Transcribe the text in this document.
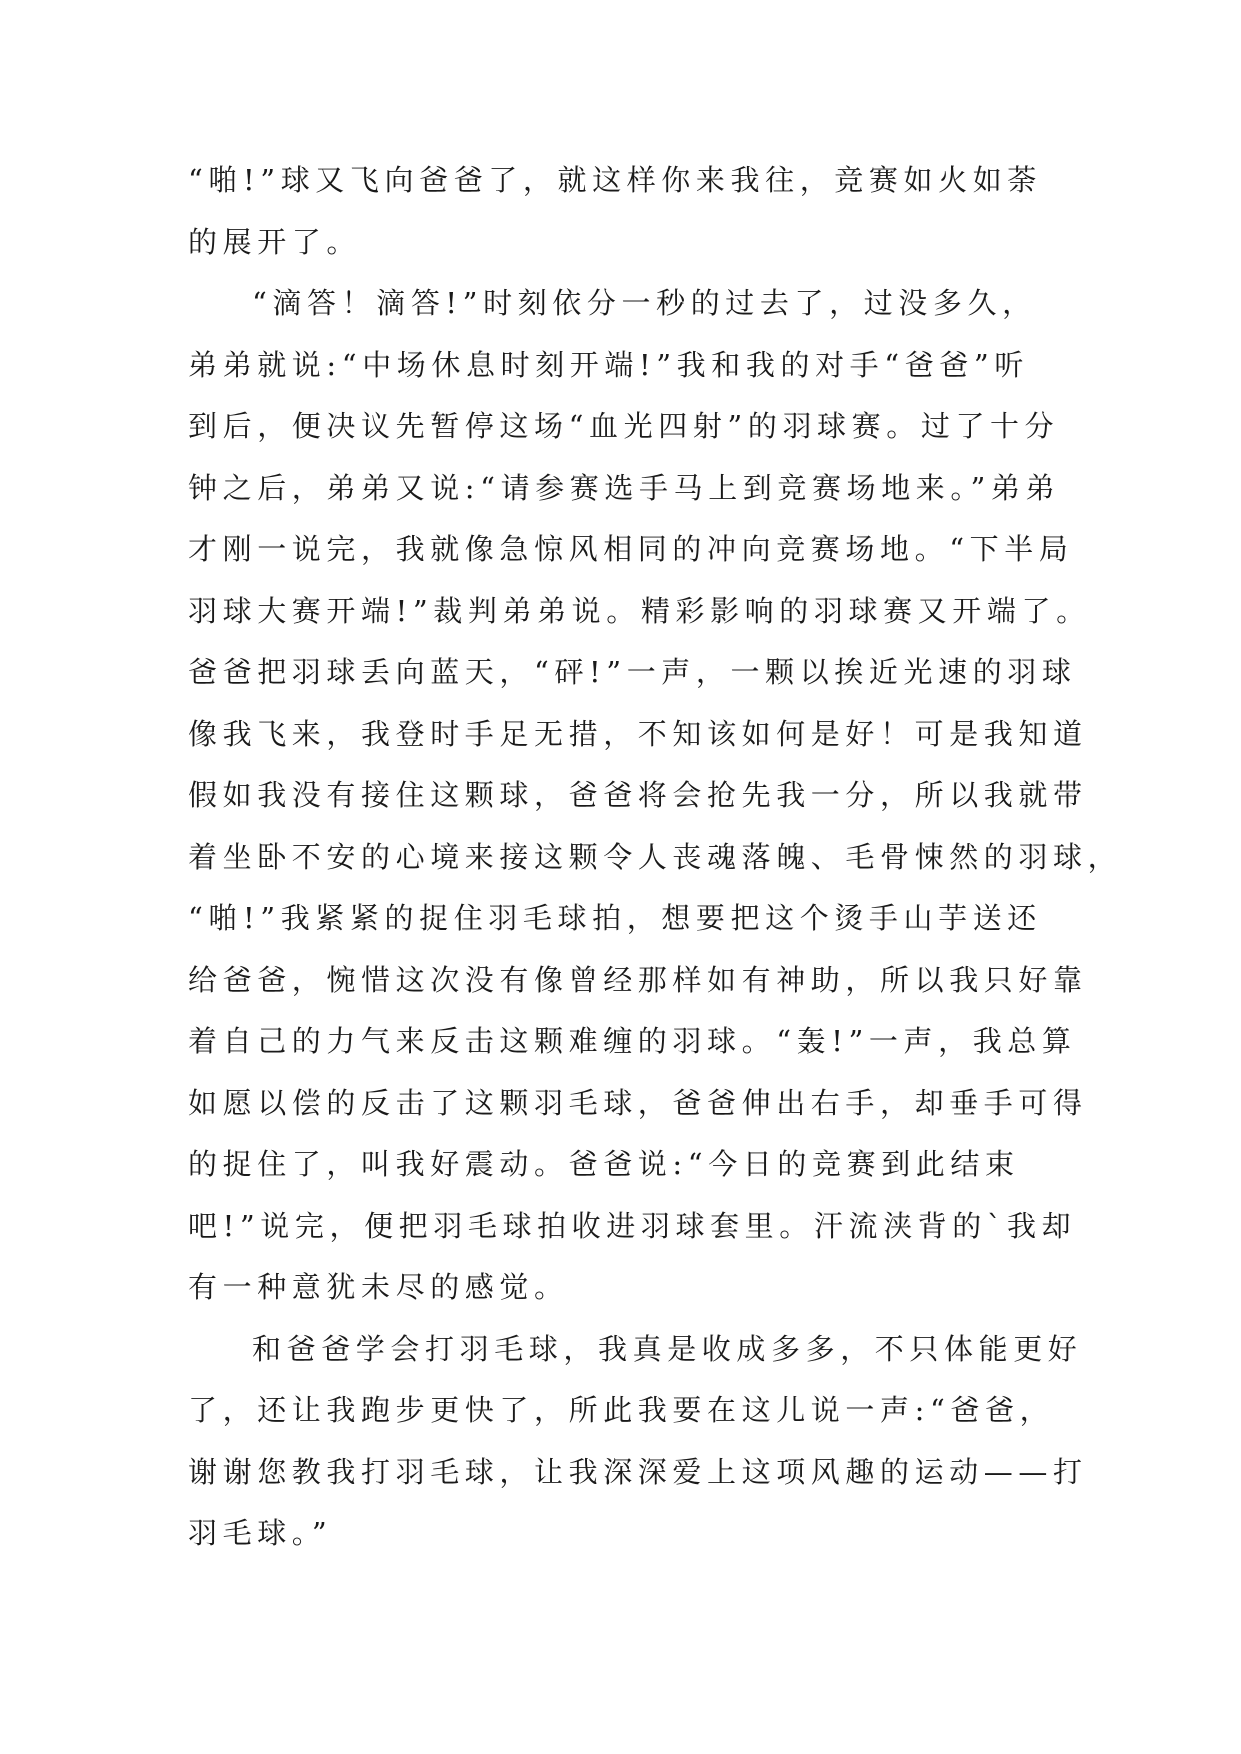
“啪!”球又飞向爸爸了，就这样你来我往，竞赛如火如荼
的展开了。
“滴答！滴答!”时刻依分一秒的过去了，过没多久，
弟弟就说:“中场休息时刻开端!”我和我的对手“爸爸”听
到后，便决议先暂停这场“血光四射”的羽球赛。过了十分
钟之后，弟弟又说:“请参赛选手马上到竞赛场地来。”弟弟
才刚一说完，我就像急惊风相同的冲向竞赛场地。“下半局
羽球大赛开端!”裁判弟弟说。精彩影响的羽球赛又开端了。
爸爸把羽球丢向蓝天，“砰!”一声，一颗以挨近光速的羽球
像我飞来，我登时手足无措，不知该如何是好！可是我知道
假如我没有接住这颗球，爸爸将会抢先我一分，所以我就带
着坐卧不安的心境来接这颗令人丧魂落魄、毛骨悚然的羽球，
“啪!”我紧紧的捉住羽毛球拍，想要把这个烫手山芋送还
给爸爸，惋惜这次没有像曾经那样如有神助，所以我只好靠
着自己的力气来反击这颗难缠的羽球。“轰!”一声，我总算
如愿以偿的反击了这颗羽毛球，爸爸伸出右手，却垂手可得
的捉住了，叫我好震动。爸爸说:“今日的竞赛到此结束
吧!”说完，便把羽毛球拍收进羽球套里。汗流浃背的`我却
有一种意犹未尽的感觉。
和爸爸学会打羽毛球，我真是收成多多，不只体能更好
了，还让我跑步更快了，所此我要在这儿说一声:“爸爸，
谢谢您教我打羽毛球，让我深深爱上这项风趣的运动——打
羽毛球。”
